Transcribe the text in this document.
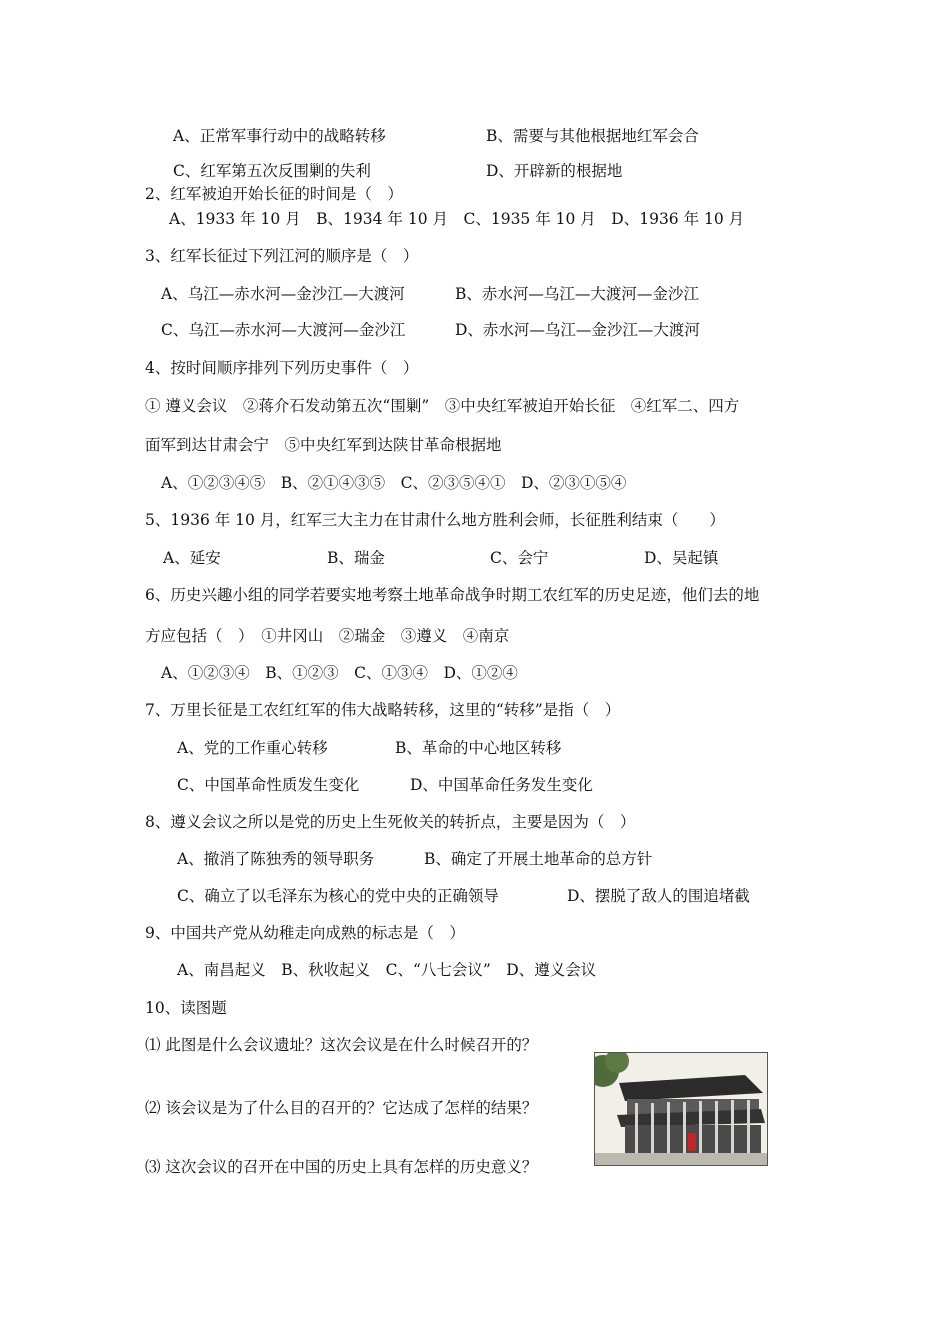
A、正常军事行动中的战略转移	B、需要与其他根据地红军会合
C、红军第五次反围剿的失利	D、开辟新的根据地
2、红军被迫开始长征的时间是（　）
A、1933 年 10 月　B、1934 年 10 月　C、1935 年 10 月　D、1936 年 10 月
3、红军长征过下列江河的顺序是（　）
A、乌江—赤水河—金沙江—大渡河	B、赤水河—乌江—大渡河—金沙江
C、乌江—赤水河—大渡河—金沙江	D、赤水河—乌江—金沙江—大渡河
4、按时间顺序排列下列历史事件（　）
① 遵义会议　②蒋介石发动第五次“围剿”　③中央红军被迫开始长征　④红军二、四方
面军到达甘肃会宁　⑤中央红军到达陕甘革命根据地
A、①②③④⑤　B、②①④③⑤　C、②③⑤④①　D、②③①⑤④
5、1936 年 10 月，红军三大主力在甘肃什么地方胜利会师，长征胜利结束（　　）
A、延安	B、瑞金	C、会宁	D、吴起镇
6、历史兴趣小组的同学若要实地考察土地革命战争时期工农红军的历史足迹，他们去的地
方应包括（　）　①井冈山　②瑞金　③遵义　④南京
A、①②③④　B、①②③　C、①③④　D、①②④
7、万里长征是工农红红军的伟大战略转移，这里的“转移”是指（　）
A、党的工作重心转移	B、革命的中心地区转移
C、中国革命性质发生变化	D、中国革命任务发生变化
8、遵义会议之所以是党的历史上生死攸关的转折点，主要是因为（　）
A、撤消了陈独秀的领导职务	B、确定了开展土地革命的总方针
C、确立了以毛泽东为核心的党中央的正确领导	D、摆脱了敌人的围追堵截
9、中国共产党从幼稚走向成熟的标志是（　）
A、南昌起义　B、秋收起义　C、“八七会议”　D、遵义会议
10、读图题
⑴ 此图是什么会议遗址？这次会议是在什么时候召开的？
⑵ 该会议是为了什么目的召开的？它达成了怎样的结果？
⑶ 这次会议的召开在中国的历史上具有怎样的历史意义？
